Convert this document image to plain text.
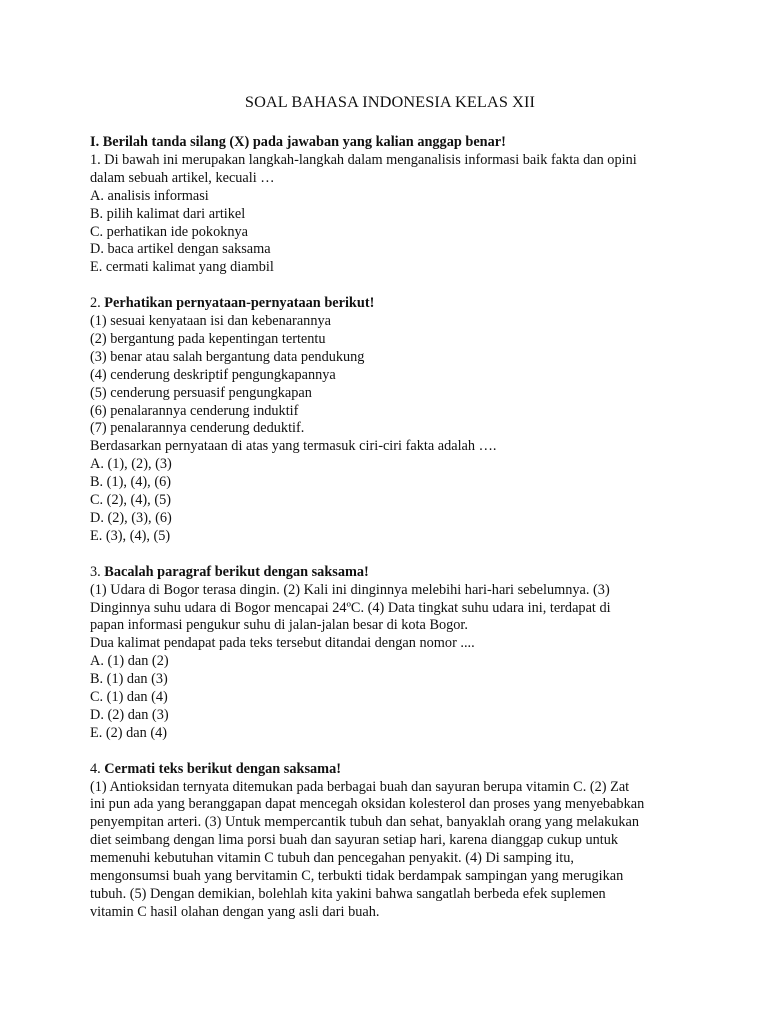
SOAL BAHASA INDONESIA KELAS XII
I. Berilah tanda silang (X) pada jawaban yang kalian anggap benar!
1. Di bawah ini merupakan langkah-langkah dalam menganalisis informasi baik fakta dan opini
dalam sebuah artikel, kecuali …
A. analisis informasi
B. pilih kalimat dari artikel
C. perhatikan ide pokoknya
D. baca artikel dengan saksama
E. cermati kalimat yang diambil
2. Perhatikan pernyataan-pernyataan berikut!
(1) sesuai kenyataan isi dan kebenarannya
(2) bergantung pada kepentingan tertentu
(3) benar atau salah bergantung data pendukung
(4) cenderung deskriptif pengungkapannya
(5) cenderung persuasif pengungkapan
(6) penalarannya cenderung induktif
(7) penalarannya cenderung deduktif.
Berdasarkan pernyataan di atas yang termasuk ciri-ciri fakta adalah ….
A. (1), (2), (3)
B. (1), (4), (6)
C. (2), (4), (5)
D. (2), (3), (6)
E. (3), (4), (5)
3. Bacalah paragraf berikut dengan saksama!
(1) Udara di Bogor terasa dingin. (2) Kali ini dinginnya melebihi hari-hari sebelumnya. (3)
Dinginnya suhu udara di Bogor mencapai 24ºC. (4) Data tingkat suhu udara ini, terdapat di
papan informasi pengukur suhu di jalan-jalan besar di kota Bogor.
Dua kalimat pendapat pada teks tersebut ditandai dengan nomor ....
A. (1) dan (2)
B. (1) dan (3)
C. (1) dan (4)
D. (2) dan (3)
E. (2) dan (4)
4. Cermati teks berikut dengan saksama!
(1) Antioksidan ternyata ditemukan pada berbagai buah dan sayuran berupa vitamin C. (2) Zat
ini pun ada yang beranggapan dapat mencegah oksidan kolesterol dan proses yang menyebabkan
penyempitan arteri. (3) Untuk mempercantik tubuh dan sehat, banyaklah orang yang melakukan
diet seimbang dengan lima porsi buah dan sayuran setiap hari, karena dianggap cukup untuk
memenuhi kebutuhan vitamin C tubuh dan pencegahan penyakit. (4) Di samping itu,
mengonsumsi buah yang bervitamin C, terbukti tidak berdampak sampingan yang merugikan
tubuh. (5) Dengan demikian, bolehlah kita yakini bahwa sangatlah berbeda efek suplemen
vitamin C hasil olahan dengan yang asli dari buah.
